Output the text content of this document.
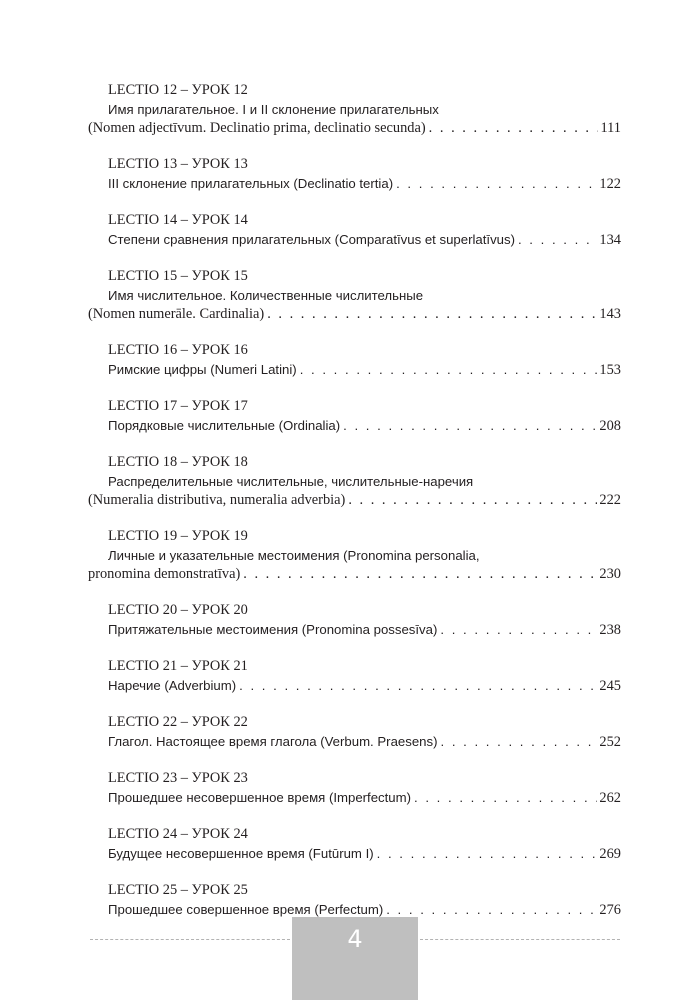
LECTIO 12 – УРОК 12
Имя прилагательное. I и II склонение прилагательных
(Nomen adjectīvum. Declinatio prima, declinatio secunda) . . .	111
LECTIO 13 – УРОК 13
III склонение прилагательных (Declinatio tertia) . . .	122
LECTIO 14 – УРОК 14
Степени сравнения прилагательных (Comparatīvus et superlatīvus) . . .	134
LECTIO 15 – УРОК 15
Имя числительное. Количественные числительные
(Nomen numerāle. Cardinalia) . . .	143
LECTIO 16 – УРОК 16
Римские цифры (Numeri Latini) . . .	153
LECTIO 17 – УРОК 17
Порядковые числительные (Ordinalia) . . .	208
LECTIO 18 – УРОК 18
Распределительные числительные, числительные-наречия
(Numeralia distributiva, numeralia adverbia) . . .	222
LECTIO 19 – УРОК 19
Личные и указательные местоимения (Pronomina personalia,
pronomina demonstratīva) . . .	230
LECTIO 20 – УРОК 20
Притяжательные местоимения (Pronomina possesīva) . . .	238
LECTIO 21 – УРОК 21
Наречие (Adverbium) . . .	245
LECTIO 22 – УРОК 22
Глагол. Настоящее время глагола (Verbum. Praesens) . . .	252
LECTIO 23 – УРОК 23
Прошедшее несовершенное время (Imperfectum) . . .	262
LECTIO 24 – УРОК 24
Будущее несовершенное время (Futūrum I) . . .	269
LECTIO 25 – УРОК 25
Прошедшее совершенное время (Perfectum) . . .	276
4
